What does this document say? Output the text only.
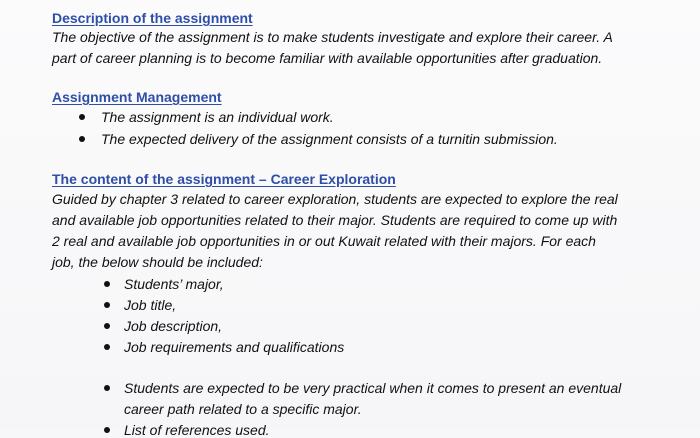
Description of the assignment
The objective of the assignment is to make students investigate and explore their career. A
part of career planning is to become familiar with available opportunities after graduation.
Assignment Management
The assignment is an individual work.
The expected delivery of the assignment consists of a turnitin submission.
The content of the assignment – Career Exploration
Guided by chapter 3 related to career exploration, students are expected to explore the real
and available job opportunities related to their major. Students are required to come up with
2 real and available job opportunities in or out Kuwait related with their majors. For each
job, the below should be included:
Students’ major,
Job title,
Job description,
Job requirements and qualifications
Students are expected to be very practical when it comes to present an eventual
career path related to a specific major.
List of references used.
